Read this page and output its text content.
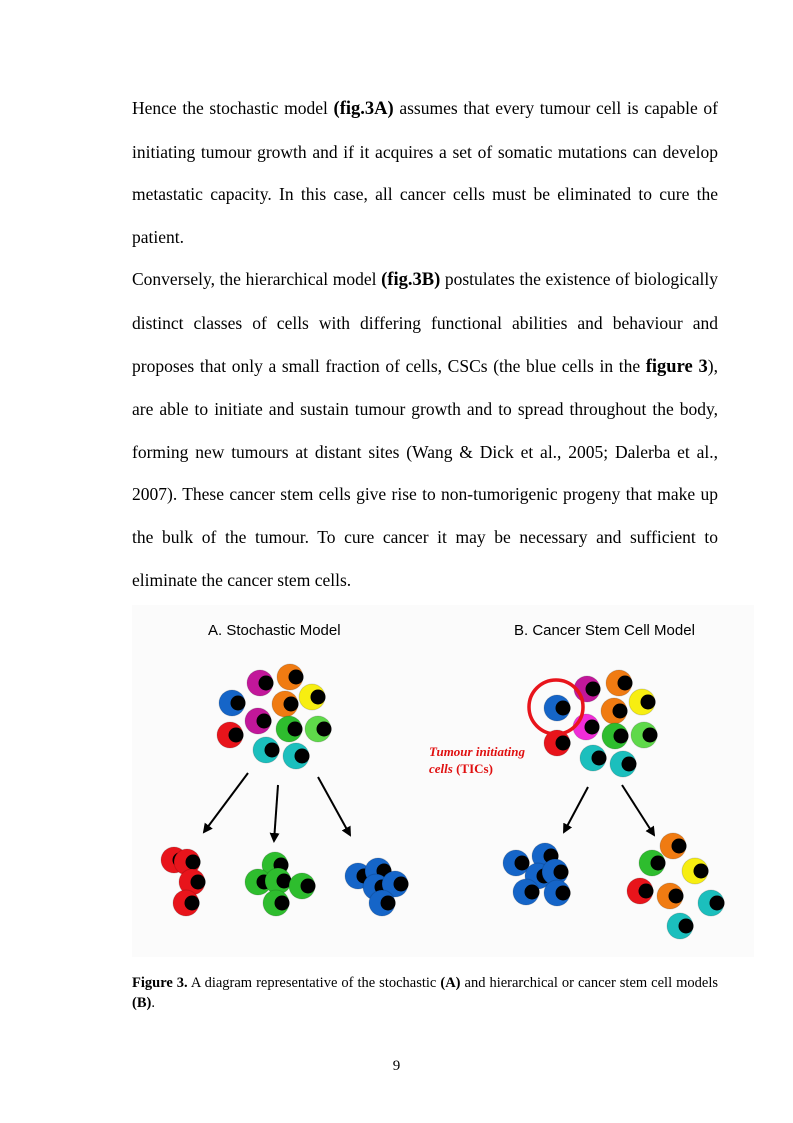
Hence the stochastic model (fig.3A) assumes that every tumour cell is capable of initiating tumour growth and if it acquires a set of somatic mutations can develop metastatic capacity. In this case, all cancer cells must be eliminated to cure the patient.

Conversely, the hierarchical model (fig.3B) postulates the existence of biologically distinct classes of cells with differing functional abilities and behaviour and proposes that only a small fraction of cells, CSCs (the blue cells in the figure 3), are able to initiate and sustain tumour growth and to spread throughout the body, forming new tumours at distant sites (Wang & Dick et al., 2005; Dalerba et al., 2007). These cancer stem cells give rise to non-tumorigenic progeny that make up the bulk of the tumour. To cure cancer it may be necessary and sufficient to eliminate the cancer stem cells.

A. Stochastic Model	B. Cancer Stem Cell Model
Tumour initiating
cells (TICs)
Figure 3. A diagram representative of the stochastic (A) and hierarchical or cancer stem cell models (B).
9
